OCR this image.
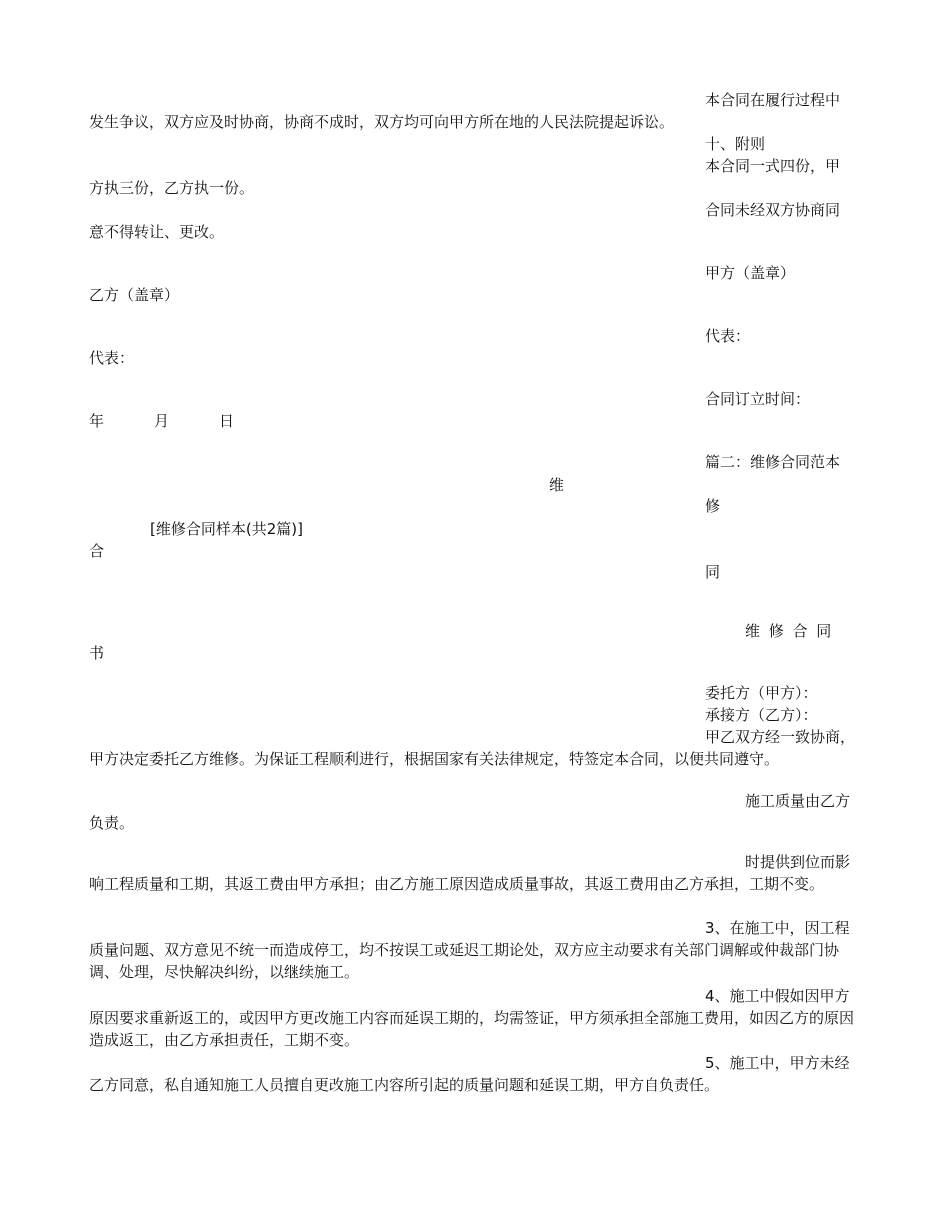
本合同在履行过程中
发生争议，双方应及时协商，协商不成时，双方均可向甲方所在地的人民法院提起诉讼。
十、附则
本合同一式四份，甲
方执三份，乙方执一份。
合同未经双方协商同
意不得转让、更改。
甲方（盖章）
乙方（盖章）
代表：
代表：
合同订立时间：
年	月	日
篇二：维修合同范本
维
修
[维修合同样本(共2篇)]
合
同
维 修 合 同
书
委托方（甲方）：
承接方（乙方）：
甲乙双方经一致协商，
甲方决定委托乙方维修。为保证工程顺利进行，根据国家有关法律规定，特签定本合同，以便共同遵守。
施工质量由乙方
负责。
时提供到位而影
响工程质量和工期，其返工费由甲方承担；由乙方施工原因造成质量事故，其返工费用由乙方承担，工期不变。
3、在施工中，因工程
质量问题、双方意见不统一而造成停工，均不按误工或延迟工期论处，双方应主动要求有关部门调解或仲裁部门协调、处理，尽快解决纠纷，以继续施工。
4、施工中假如因甲方
原因要求重新返工的，或因甲方更改施工内容而延误工期的，均需签证，甲方须承担全部施工费用，如因乙方的原因造成返工，由乙方承担责任，工期不变。
5、施工中，甲方未经
乙方同意，私自通知施工人员擅自更改施工内容所引起的质量问题和延误工期，甲方自负责任。
